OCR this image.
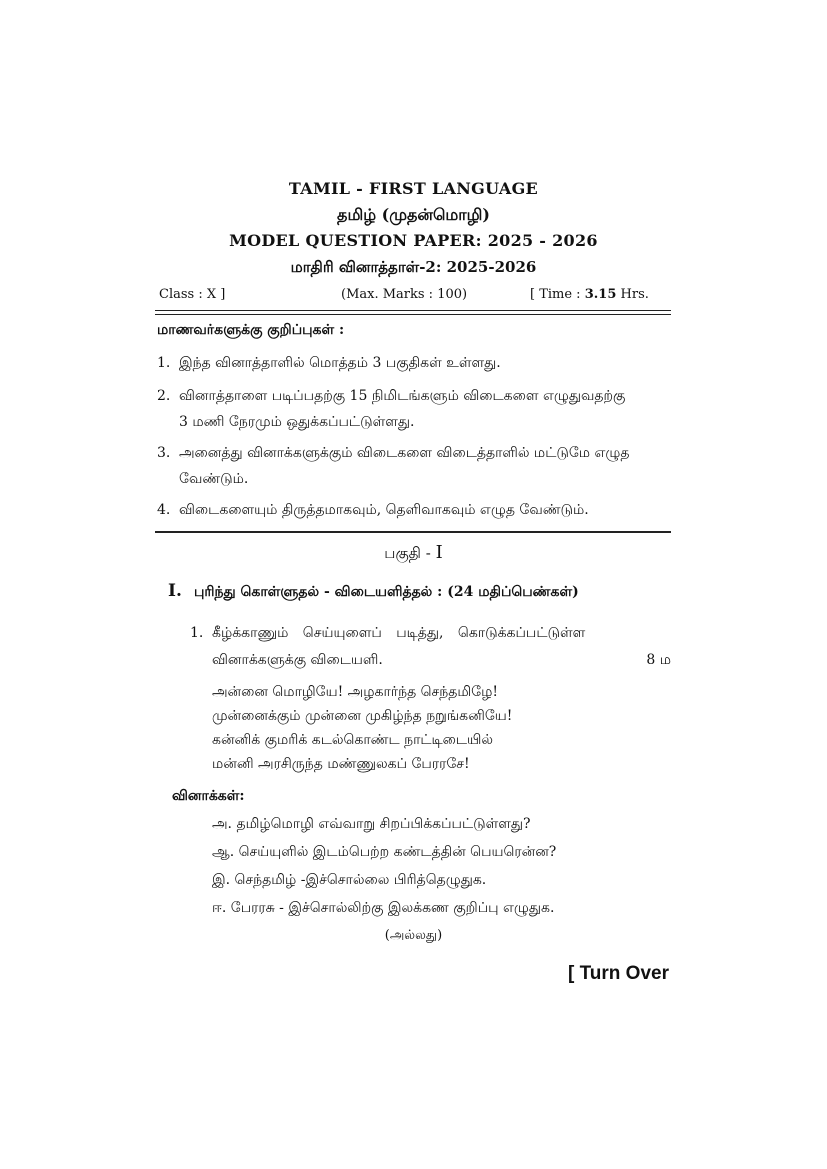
TAMIL - FIRST LANGUAGE
தமிழ் (முதன்மொழி)
MODEL QUESTION PAPER: 2025 - 2026
மாதிரி வினாத்தாள்-2: 2025-2026
Class : X ]	(Max. Marks : 100)	[ Time : 3.15 Hrs.
மாணவர்களுக்கு குறிப்புகள் :
1. இந்த வினாத்தாளில் மொத்தம் 3 பகுதிகள் உள்ளது.
2. வினாத்தாளை படிப்பதற்கு 15 நிமிடங்களும் விடைகளை எழுதுவதற்கு
3 மணி நேரமும் ஒதுக்கப்பட்டுள்ளது.
3. அனைத்து வினாக்களுக்கும் விடைகளை விடைத்தாளில் மட்டுமே எழுத
வேண்டும்.
4. விடைகளையும் திருத்தமாகவும், தெளிவாகவும் எழுத வேண்டும்.
பகுதி - I
I. புரிந்து கொள்ளுதல் - விடையளித்தல் : (24 மதிப்பெண்கள்)
1. கீழ்க்காணும் செய்யுளைப் படித்து, கொடுக்கப்பட்டுள்ள
வினாக்களுக்கு விடையளி.	8 ம
அன்னை மொழியே! அழகார்ந்த செந்தமிழே!
முன்னைக்கும் முன்னை முகிழ்ந்த நறுங்கனியே!
கன்னிக் குமரிக் கடல்கொண்ட நாட்டிடையில்
மன்னி அரசிருந்த மண்ணுலகப் பேரரசே!
வினாக்கள்:
அ. தமிழ்மொழி எவ்வாறு சிறப்பிக்கப்பட்டுள்ளது?
ஆ. செய்யுளில் இடம்பெற்ற கண்டத்தின் பெயரென்ன?
இ. செந்தமிழ் -இச்சொல்லை பிரித்தெழுதுக.
ஈ. பேரரசு - இச்சொல்லிற்கு இலக்கண குறிப்பு எழுதுக.
(அல்லது)
[ Turn Over
